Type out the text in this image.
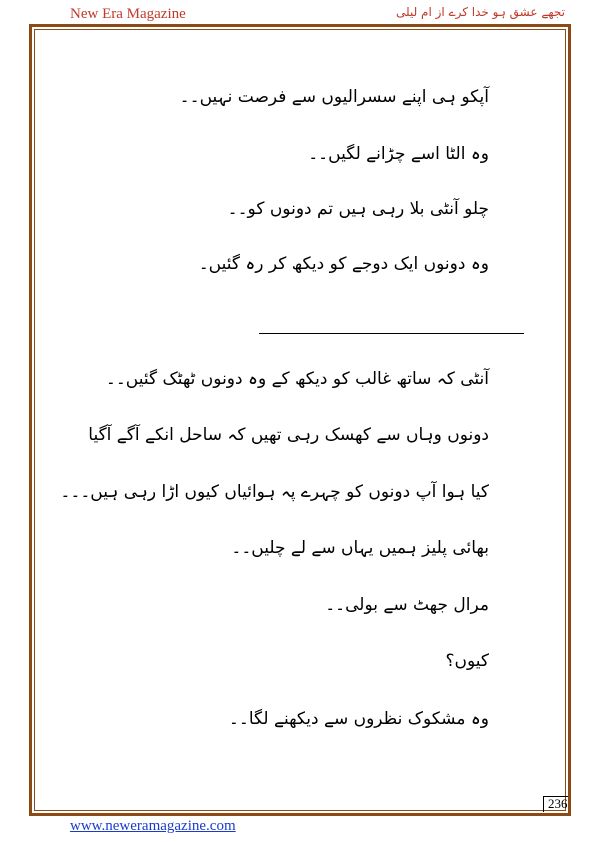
New Era Magazine	تجھے عشق ہو خدا کرے از ام لیلی
آپکو ہی اپنے سسرالیوں سے فرصت نہیں۔۔
وہ الٹا اسے چڑانے لگیں۔۔
چلو آنٹی بلا رہی ہیں تم دونوں کو۔۔
وہ دونوں ایک دوجے کو دیکھ کر رہ گئیں۔
آنٹی کہ ساتھ غالب کو دیکھ کے وہ دونوں ٹھٹک گئیں۔۔
دونوں وہاں سے کھسک رہی تھیں کہ ساحل انکے آگے آگیا
کیا ہوا آپ دونوں کو چہرے پہ ہوائیاں کیوں اڑا رہی ہیں۔۔۔
بھائی پلیز ہمیں یہاں سے لے چلیں۔۔
مرال جھٹ سے بولی۔۔
کیوں؟
وہ مشکوک نظروں سے دیکھنے لگا۔۔
236
www.neweramagazine.com
